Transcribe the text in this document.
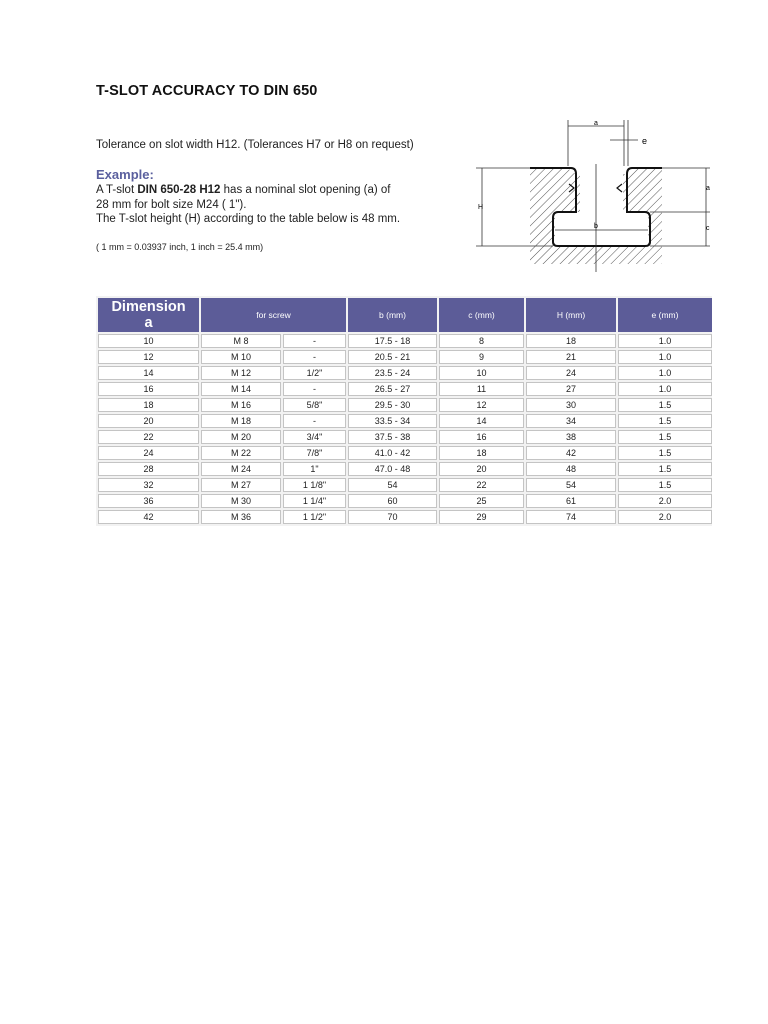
T-SLOT ACCURACY TO DIN 650
Tolerance on slot width H12. (Tolerances H7 or H8 on request)
Example:
A T-slot DIN 650-28 H12 has a nominal slot opening (a) of
28 mm for bolt size M24 ( 1").
The T-slot height (H) according to the table below is 48 mm.
( 1 mm = 0.03937 inch, 1 inch = 25.4 mm)
a
e
H
a
c
b
Dimension
a	for screw		b (mm)	c (mm)	H (mm)	e (mm)
10	M 8	-	17.5 - 18	8	18	1.0
12	M 10	-	20.5 - 21	9	21	1.0
14	M 12	1/2"	23.5 - 24	10	24	1.0
16	M 14	-	26.5 - 27	11	27	1.0
18	M 16	5/8"	29.5 - 30	12	30	1.5
20	M 18	-	33.5 - 34	14	34	1.5
22	M 20	3/4"	37.5 - 38	16	38	1.5
24	M 22	7/8"	41.0 - 42	18	42	1.5
28	M 24	1"	47.0 - 48	20	48	1.5
32	M 27	1 1/8"	54	22	54	1.5
36	M 30	1 1/4"	60	25	61	2.0
42	M 36	1 1/2"	70	29	74	2.0
